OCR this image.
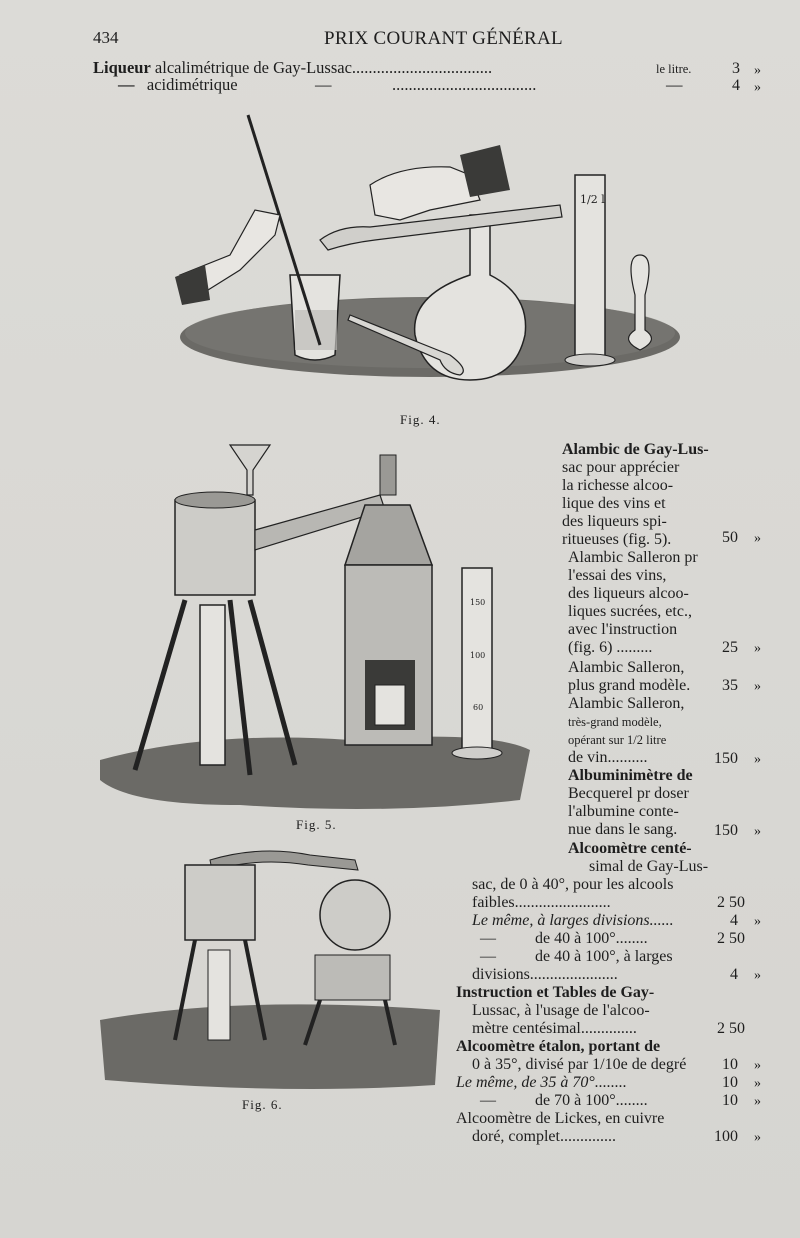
434	PRIX COURANT GÉNÉRAL
Liqueur alcalimétrique de Gay-Lussac..................................	le litre.	3 »
— acidimétrique	—	...................................	—	4 »
1/2 l
Fig. 4.
150
100
60
Fig. 5.
Fig. 6.
Alambic de Gay-Lus-
sac pour apprécier
la richesse alcoo-
lique des vins et
des liqueurs spi-
ritueuses (fig. 5).	50 »
Alambic Salleron pr
l'essai des vins,
des liqueurs alcoo-
liques sucrées, etc.,
avec l'instruction
(fig. 6) .........	25 »
Alambic Salleron,
plus grand modèle.	35 »
Alambic Salleron,
très-grand modèle,
opérant sur 1/2 litre
de vin..........	150 »
Albuminimètre de
Becquerel pr doser
l'albumine conte-
nue dans le sang.	150 »
Alcoomètre centé-
simal de Gay-Lus-
sac, de 0 à 40°, pour les alcools
faibles........................	2 50
Le même, à larges divisions......	4 »
— de 40 à 100°........	2 50
— de 40 à 100°, à larges
divisions......................	4 »
Instruction et Tables de Gay-
Lussac, à l'usage de l'alcoo-
mètre centésimal..............	2 50
Alcoomètre étalon, portant de
0 à 35°, divisé par 1/10e de degré	10 »
Le même, de 35 à 70°........	10 »
— de 70 à 100°........	10 »
Alcoomètre de Lickes, en cuivre
doré, complet..............	100 »
